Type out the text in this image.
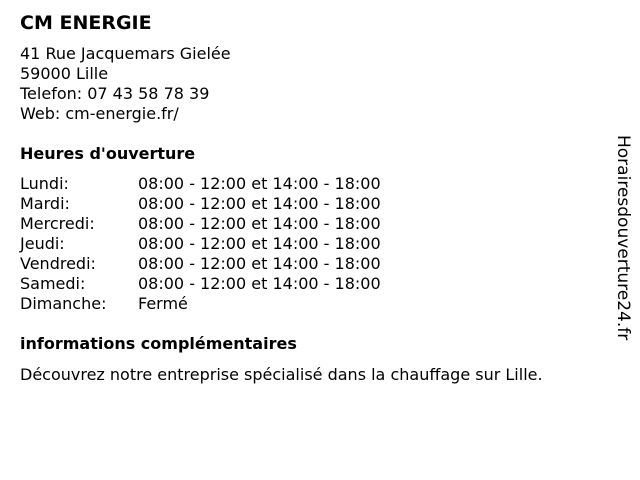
CM ENERGIE
41 Rue Jacquemars Gielée
59000 Lille
Telefon: 07 43 58 78 39
Web: cm-energie.fr/
Heures d'ouverture
Lundi:	08:00 - 12:00 et 14:00 - 18:00
Mardi:	08:00 - 12:00 et 14:00 - 18:00
Mercredi:	08:00 - 12:00 et 14:00 - 18:00
Jeudi:	08:00 - 12:00 et 14:00 - 18:00
Vendredi:	08:00 - 12:00 et 14:00 - 18:00
Samedi:	08:00 - 12:00 et 14:00 - 18:00
Dimanche: Fermé
informations complémentaires
Découvrez notre entreprise spécialisé dans la chauffage sur Lille.
Horairesdouverture24.fr
